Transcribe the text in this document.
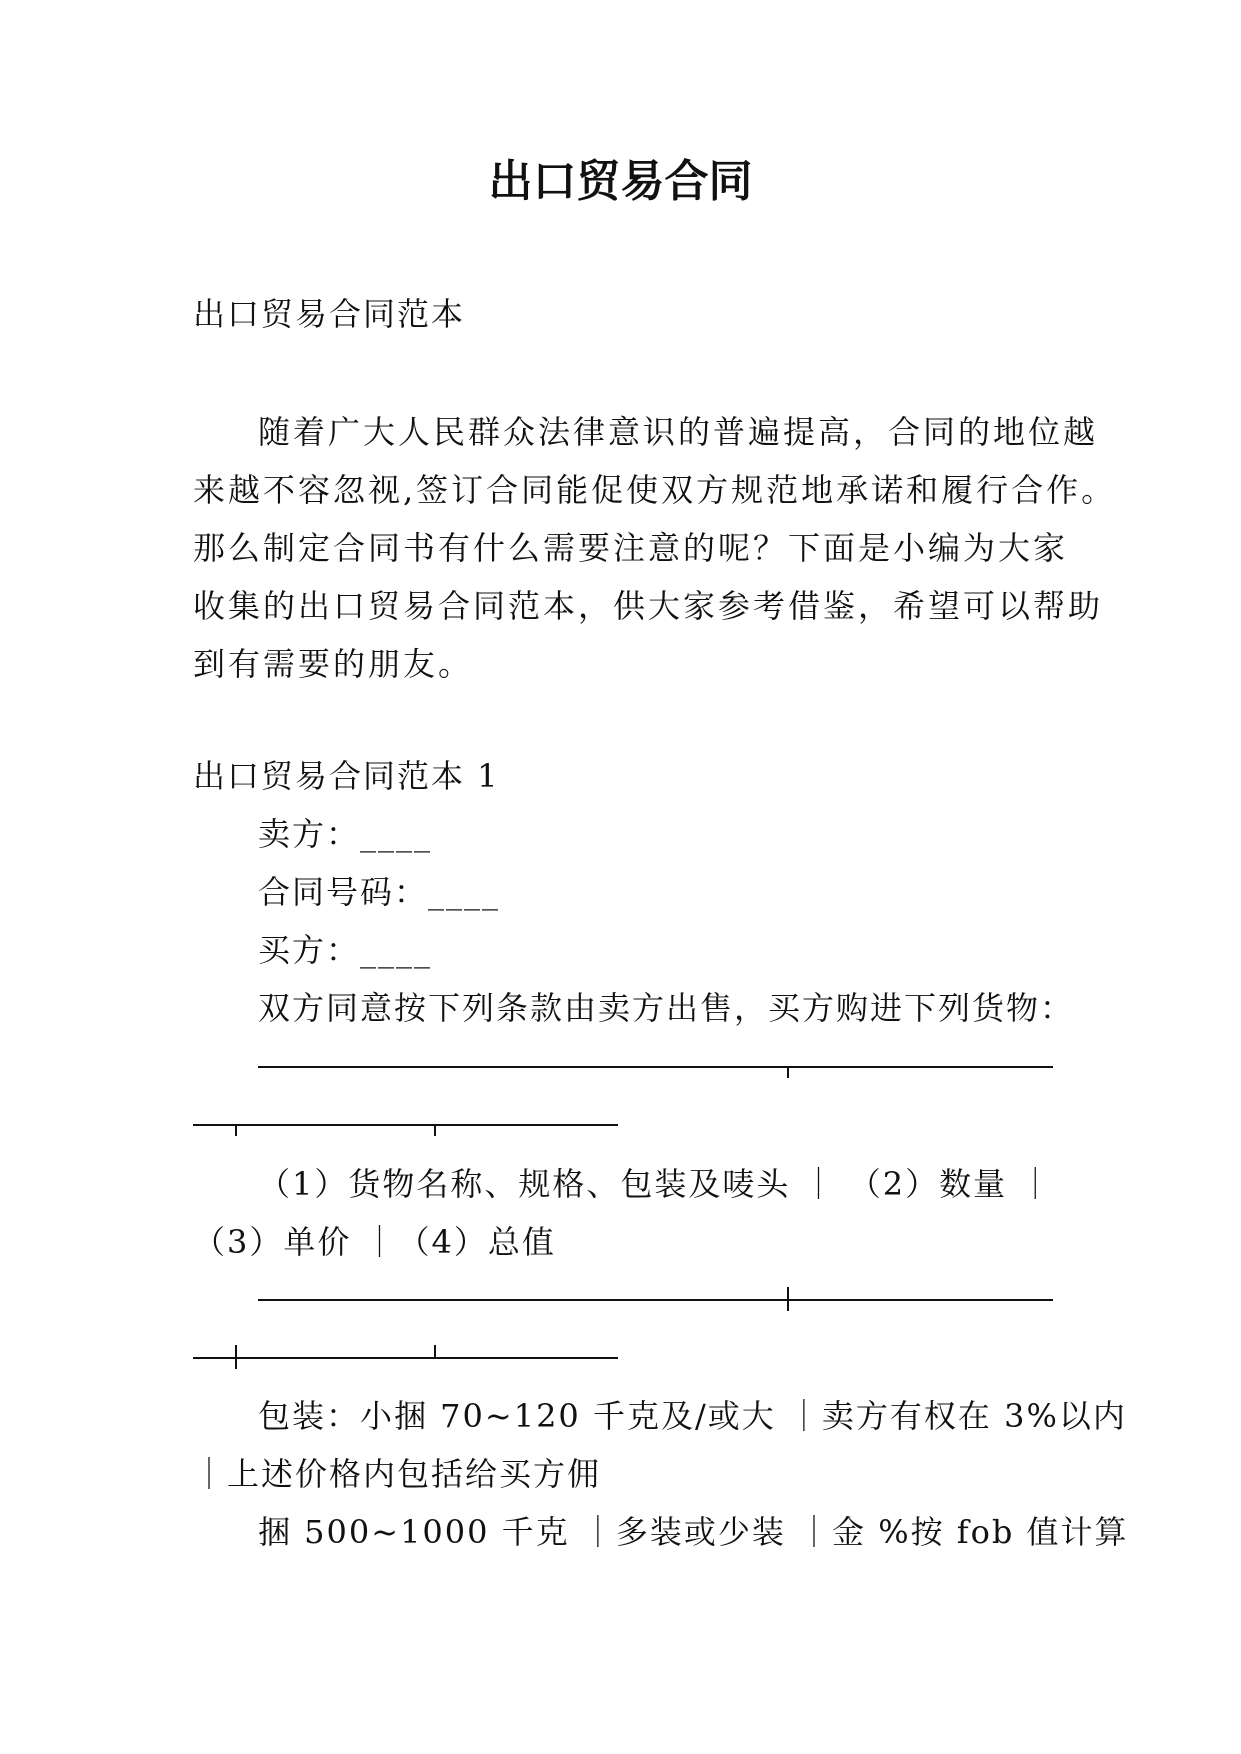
出口贸易合同

出口贸易合同范本

随着广大人民群众法律意识的普遍提高，合同的地位越
来越不容忽视,签订合同能促使双方规范地承诺和履行合作。
那么制定合同书有什么需要注意的呢？下面是小编为大家
收集的出口贸易合同范本，供大家参考借鉴，希望可以帮助
到有需要的朋友。

出口贸易合同范本 1

卖方：____

合同号码：____

买方：____

双方同意按下列条款由卖方出售，买方购进下列货物：

（1）货物名称、规格、包装及唛头 ｜ （2）数量 ｜

（3）单价 ｜（4）总值

包装：小捆 70~120 千克及/或大 ｜卖方有权在 3%以内

｜上述价格内包括给买方佣

捆 500~1000 千克 ｜多装或少装 ｜金 %按 fob 值计算
